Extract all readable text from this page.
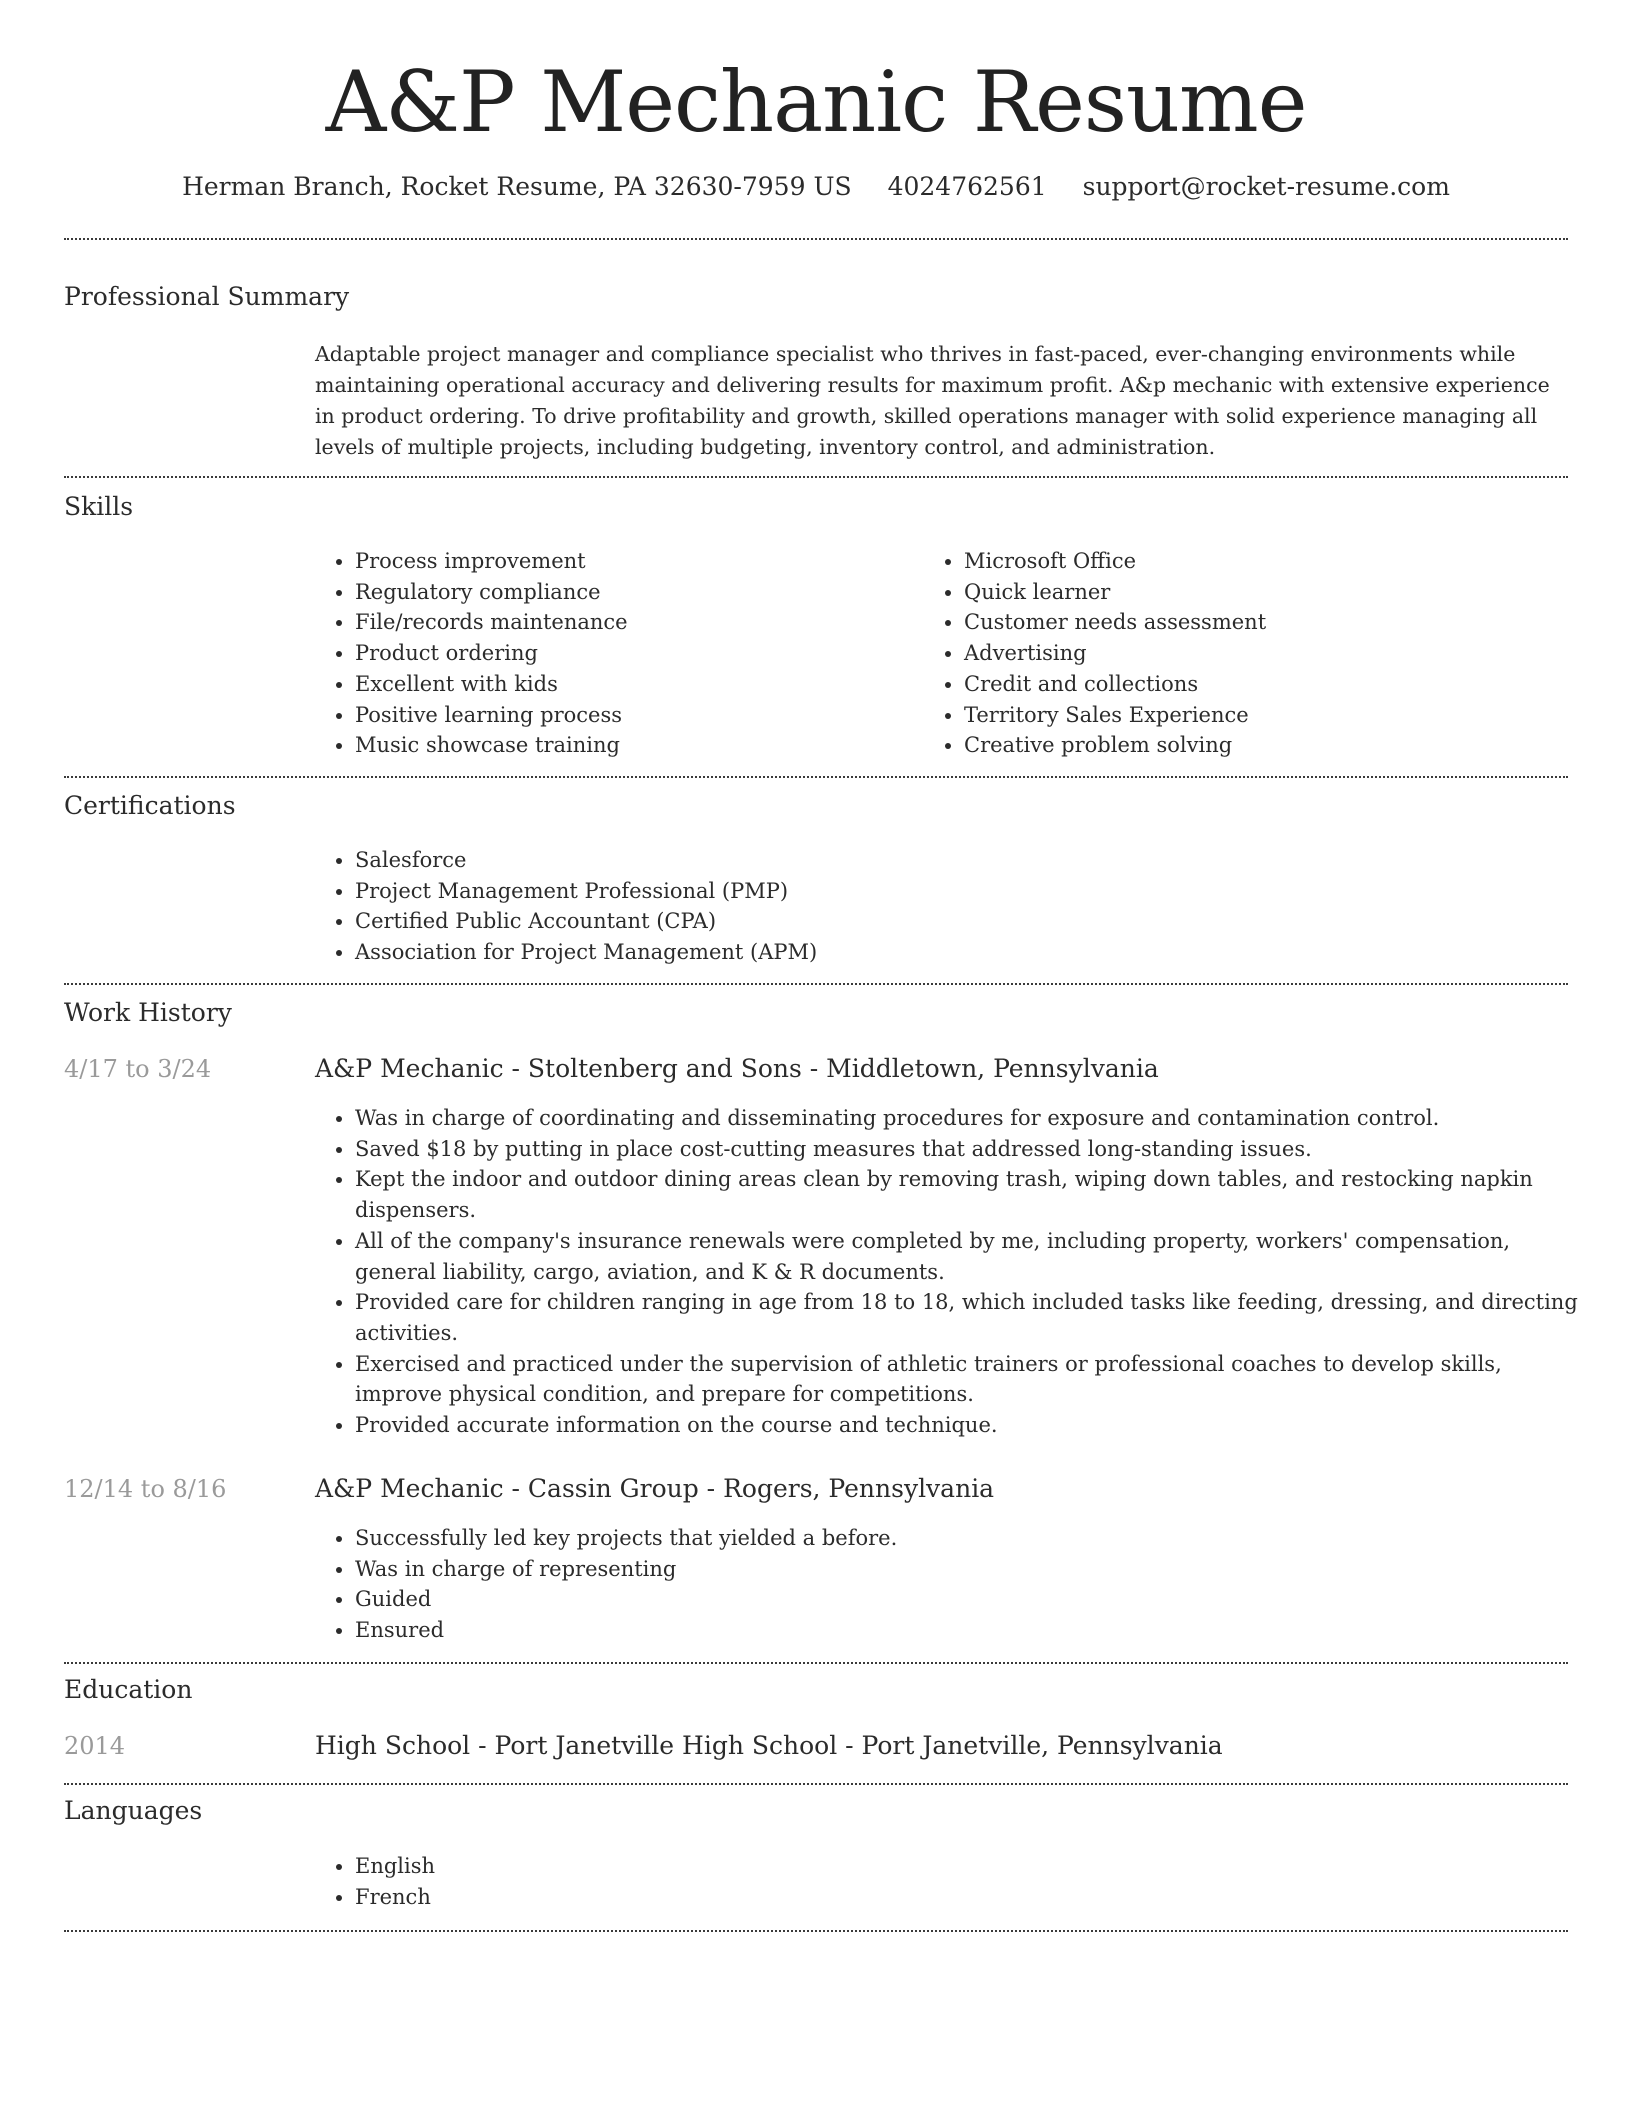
A&P Mechanic Resume
Herman Branch, Rocket Resume, PA 32630-7959 US 4024762561 support@rocket-resume.com
Professional Summary

Adaptable project manager and compliance specialist who thrives in fast-paced, ever-changing environments while maintaining operational accuracy and delivering results for maximum profit. A&p mechanic with extensive experience in product ordering. To drive profitability and growth, skilled operations manager with solid experience managing all levels of multiple projects, including budgeting, inventory control, and administration.

Skills
• Process improvement
• Regulatory compliance
• File/records maintenance
• Product ordering
• Excellent with kids
• Positive learning process
• Music showcase training
• Microsoft Office
• Quick learner
• Customer needs assessment
• Advertising
• Credit and collections
• Territory Sales Experience
• Creative problem solving
Certifications
• Salesforce
• Project Management Professional (PMP)
• Certified Public Accountant (CPA)
• Association for Project Management (APM)
Work History
4/17 to 3/24	A&P Mechanic - Stoltenberg and Sons - Middletown, Pennsylvania
• Was in charge of coordinating and disseminating procedures for exposure and contamination control.
• Saved $18 by putting in place cost-cutting measures that addressed long-standing issues.
• Kept the indoor and outdoor dining areas clean by removing trash, wiping down tables, and restocking napkin dispensers.
• All of the company's insurance renewals were completed by me, including property, workers' compensation, general liability, cargo, aviation, and K & R documents.
• Provided care for children ranging in age from 18 to 18, which included tasks like feeding, dressing, and directing activities.
• Exercised and practiced under the supervision of athletic trainers or professional coaches to develop skills, improve physical condition, and prepare for competitions.
• Provided accurate information on the course and technique.
12/14 to 8/16	A&P Mechanic - Cassin Group - Rogers, Pennsylvania
• Successfully led key projects that yielded a before.
• Was in charge of representing
• Guided
• Ensured
Education
2014	High School - Port Janetville High School - Port Janetville, Pennsylvania
Languages
• English
• French
